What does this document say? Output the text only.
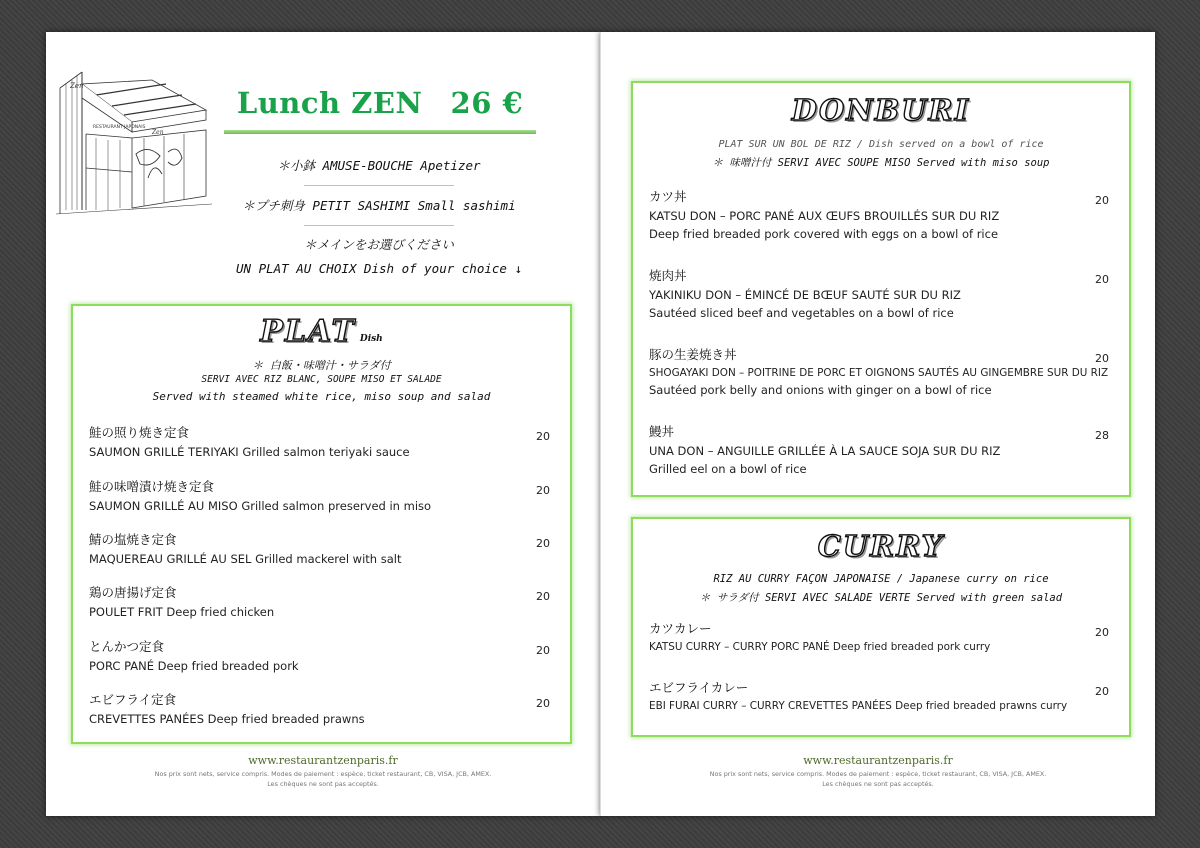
RESTAURANT JAPONAIS
Zen
Zen
Lunch ZEN 26 €
＊小鉢 AMUSE-BOUCHE Apetizer
＊プチ刺身 PETIT SASHIMI Small sashimi
＊メインをお選びください
UN PLAT AU CHOIX Dish of your choice ↓
PLAT Dish
＊ 白飯・味噌汁・サラダ付
SERVI AVEC RIZ BLANC, SOUPE MISO ET SALADE
Served with steamed white rice, miso soup and salad
鮭の照り焼き定食
SAUMON GRILLÉ TERIYAKI Grilled salmon teriyaki sauce
20
鮭の味噌漬け焼き定食
SAUMON GRILLÉ AU MISO Grilled salmon preserved in miso
20
鯖の塩焼き定食
MAQUEREAU GRILLÉ AU SEL Grilled mackerel with salt
20
鶏の唐揚げ定食
POULET FRIT Deep fried chicken
20
とんかつ定食
PORC PANÉ Deep fried breaded pork
20
エビフライ定食
CREVETTES PANÉES Deep fried breaded prawns
20
www.restaurantzenparis.fr
Nos prix sont nets, service compris. Modes de paiement : espèce, ticket restaurant, CB, VISA, JCB, AMEX.
Les chèques ne sont pas acceptés.
DONBURI
PLAT SUR UN BOL DE RIZ / Dish served on a bowl of rice
＊ 味噌汁付 SERVI AVEC SOUPE MISO Served with miso soup
カツ丼
KATSU DON – PORC PANÉ AUX ŒUFS BROUILLÉS SUR DU RIZ
Deep fried breaded pork covered with eggs on a bowl of rice
20
焼肉丼
YAKINIKU DON – ÉMINCÉ DE BŒUF SAUTÉ SUR DU RIZ
Sautéed sliced beef and vegetables on a bowl of rice
20
豚の生姜焼き丼
SHOGAYAKI DON – POITRINE DE PORC ET OIGNONS SAUTÉS AU GINGEMBRE SUR DU RIZ
Sautéed pork belly and onions with ginger on a bowl of rice
20
鰻丼
UNA DON – ANGUILLE GRILLÉE À LA SAUCE SOJA SUR DU RIZ
Grilled eel on a bowl of rice
28
CURRY
RIZ AU CURRY FAÇON JAPONAISE / Japanese curry on rice
＊ サラダ付 SERVI AVEC SALADE VERTE Served with green salad
カツカレー
KATSU CURRY – CURRY PORC PANÉ Deep fried breaded pork curry
20
エビフライカレー
EBI FURAI CURRY – CURRY CREVETTES PANÉES Deep fried breaded prawns curry
20
www.restaurantzenparis.fr
Nos prix sont nets, service compris. Modes de paiement : espèce, ticket restaurant, CB, VISA, JCB, AMEX.
Les chèques ne sont pas acceptés.
